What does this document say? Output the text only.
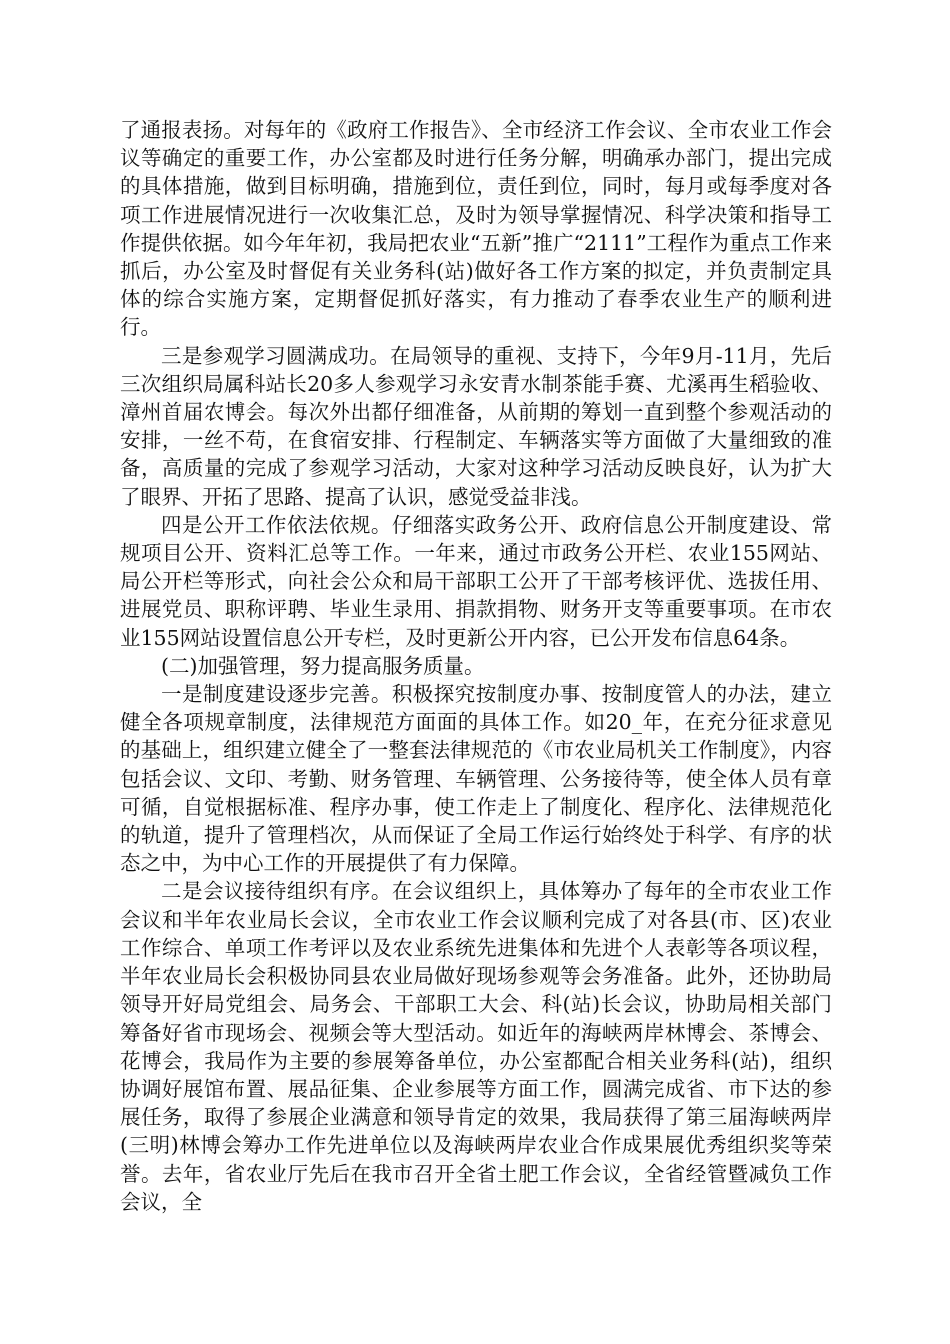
了通报表扬。对每年的《政府工作报告》、全市经济工作会议、全市农业工作会议等确定的重要工作，办公室都及时进行任务分解，明确承办部门，提出完成的具体措施，做到目标明确，措施到位，责任到位，同时，每月或每季度对各项工作进展情况进行一次收集汇总，及时为领导掌握情况、科学决策和指导工作提供依据。如今年年初，我局把农业“五新”推广“2111”工程作为重点工作来抓后，办公室及时督促有关业务科(站)做好各工作方案的拟定，并负责制定具体的综合实施方案，定期督促抓好落实，有力推动了春季农业生产的顺利进行。

三是参观学习圆满成功。在局领导的重视、支持下，今年9月-11月，先后三次组织局属科站长20多人参观学习永安青水制茶能手赛、尤溪再生稻验收、漳州首届农博会。每次外出都仔细准备，从前期的筹划一直到整个参观活动的安排，一丝不苟，在食宿安排、行程制定、车辆落实等方面做了大量细致的准备，高质量的完成了参观学习活动，大家对这种学习活动反映良好，认为扩大了眼界、开拓了思路、提高了认识，感觉受益非浅。

四是公开工作依法依规。仔细落实政务公开、政府信息公开制度建设、常规项目公开、资料汇总等工作。一年来，通过市政务公开栏、农业155网站、局公开栏等形式，向社会公众和局干部职工公开了干部考核评优、选拔任用、进展党员、职称评聘、毕业生录用、捐款捐物、财务开支等重要事项。在市农业155网站设置信息公开专栏，及时更新公开内容，已公开发布信息64条。

(二)加强管理，努力提高服务质量。

一是制度建设逐步完善。积极探究按制度办事、按制度管人的办法，建立健全各项规章制度，法律规范方面面的具体工作。如20_年，在充分征求意见的基础上，组织建立健全了一整套法律规范的《市农业局机关工作制度》，内容包括会议、文印、考勤、财务管理、车辆管理、公务接待等，使全体人员有章可循，自觉根据标准、程序办事，使工作走上了制度化、程序化、法律规范化的轨道，提升了管理档次，从而保证了全局工作运行始终处于科学、有序的状态之中，为中心工作的开展提供了有力保障。

二是会议接待组织有序。在会议组织上，具体筹办了每年的全市农业工作会议和半年农业局长会议，全市农业工作会议顺利完成了对各县(市、区)农业工作综合、单项工作考评以及农业系统先进集体和先进个人表彰等各项议程，半年农业局长会积极协同县农业局做好现场参观等会务准备。此外，还协助局领导开好局党组会、局务会、干部职工大会、科(站)长会议，协助局相关部门筹备好省市现场会、视频会等大型活动。如近年的海峡两岸林博会、茶博会、花博会，我局作为主要的参展筹备单位，办公室都配合相关业务科(站)，组织协调好展馆布置、展品征集、企业参展等方面工作，圆满完成省、市下达的参展任务，取得了参展企业满意和领导肯定的效果，我局获得了第三届海峡两岸(三明)林博会筹办工作先进单位以及海峡两岸农业合作成果展优秀组织奖等荣誉。去年，省农业厅先后在我市召开全省土肥工作会议，全省经管暨减负工作会议，全
